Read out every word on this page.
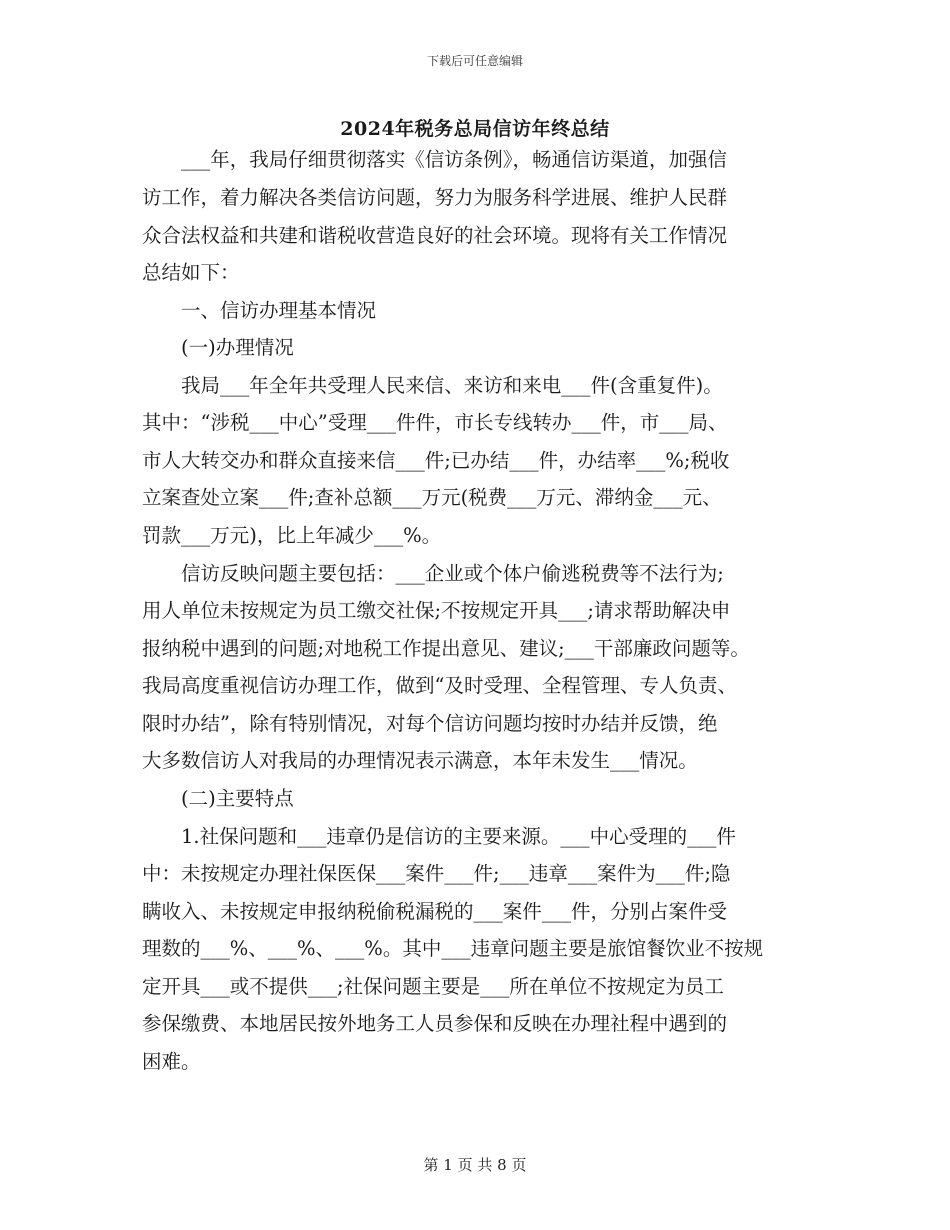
下载后可任意编辑
2024年税务总局信访年终总结
　　___年，我局仔细贯彻落实《信访条例》，畅通信访渠道，加强信
访工作，着力解决各类信访问题，努力为服务科学进展、维护人民群
众合法权益和共建和谐税收营造良好的社会环境。现将有关工作情况
总结如下：
　　一、信访办理基本情况
　　(一)办理情况
　　我局___年全年共受理人民来信、来访和来电___件(含重复件)。
其中：“涉税___中心”受理___件件，市长专线转办___件，市___局、
市人大转交办和群众直接来信___件;已办结___件，办结率___%;税收
立案查处立案___件;查补总额___万元(税费___万元、滞纳金___元、
罚款___万元)，比上年减少___%。
　　信访反映问题主要包括：___企业或个体户偷逃税费等不法行为;
用人单位未按规定为员工缴交社保;不按规定开具___;请求帮助解决申
报纳税中遇到的问题;对地税工作提出意见、建议;___干部廉政问题等。
我局高度重视信访办理工作，做到“及时受理、全程管理、专人负责、
限时办结”，除有特别情况，对每个信访问题均按时办结并反馈，绝
大多数信访人对我局的办理情况表示满意，本年未发生___情况。
　　(二)主要特点
　　1.社保问题和___违章仍是信访的主要来源。___中心受理的___件
中：未按规定办理社保医保___案件___件;___违章___案件为___件;隐
瞒收入、未按规定申报纳税偷税漏税的___案件___件，分别占案件受
理数的___%、___%、___%。其中___违章问题主要是旅馆餐饮业不按规
定开具___或不提供___;社保问题主要是___所在单位不按规定为员工
参保缴费、本地居民按外地务工人员参保和反映在办理社程中遇到的
困难。
第 1 页 共 8 页
